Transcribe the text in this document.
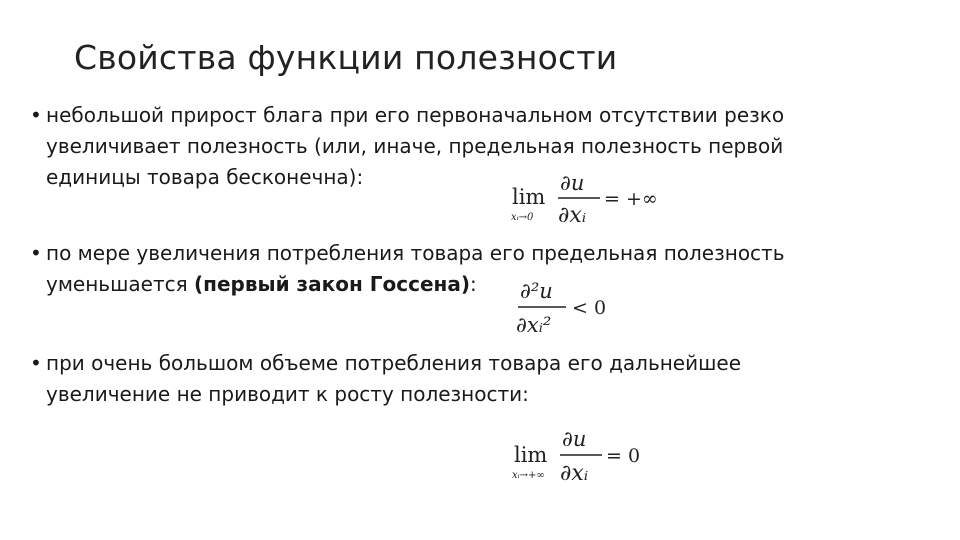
Свойства функции полезности
• небольшой прирост блага при его первоначальном отсутствии резко
увеличивает полезность (или, иначе, предельная полезность первой
единицы товара бесконечна):
lim
xᵢ→0
∂u
∂xᵢ
= +∞
• по мере увеличения потребления товара его предельная полезность
уменьшается (первый закон Госсена):	∂²u
∂xᵢ²
< 0
• при очень большом объеме потребления товара его дальнейшее
увеличение не приводит к росту полезности:
lim
xᵢ→+∞
∂u
∂xᵢ
= 0
